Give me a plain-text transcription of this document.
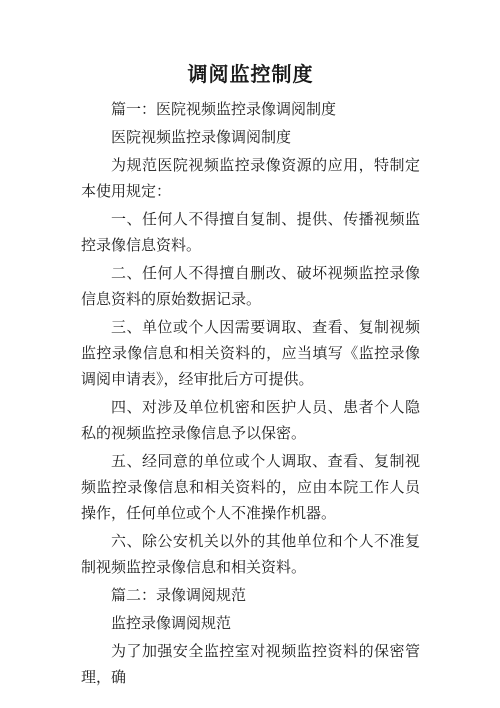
调阅监控制度

篇一：医院视频监控录像调阅制度

医院视频监控录像调阅制度

为规范医院视频监控录像资源的应用，特制定本使用规定：

一、任何人不得擅自复制、提供、传播视频监控录像信息资料。

二、任何人不得擅自删改、破坏视频监控录像信息资料的原始数据记录。

三、单位或个人因需要调取、查看、复制视频监控录像信息和相关资料的，应当填写《监控录像调阅申请表》，经审批后方可提供。

四、对涉及单位机密和医护人员、患者个人隐私的视频监控录像信息予以保密。

五、经同意的单位或个人调取、查看、复制视频监控录像信息和相关资料的，应由本院工作人员操作，任何单位或个人不准操作机器。

六、除公安机关以外的其他单位和个人不准复制视频监控录像信息和相关资料。

篇二：录像调阅规范

监控录像调阅规范

为了加强安全监控室对视频监控资料的保密管理，确
